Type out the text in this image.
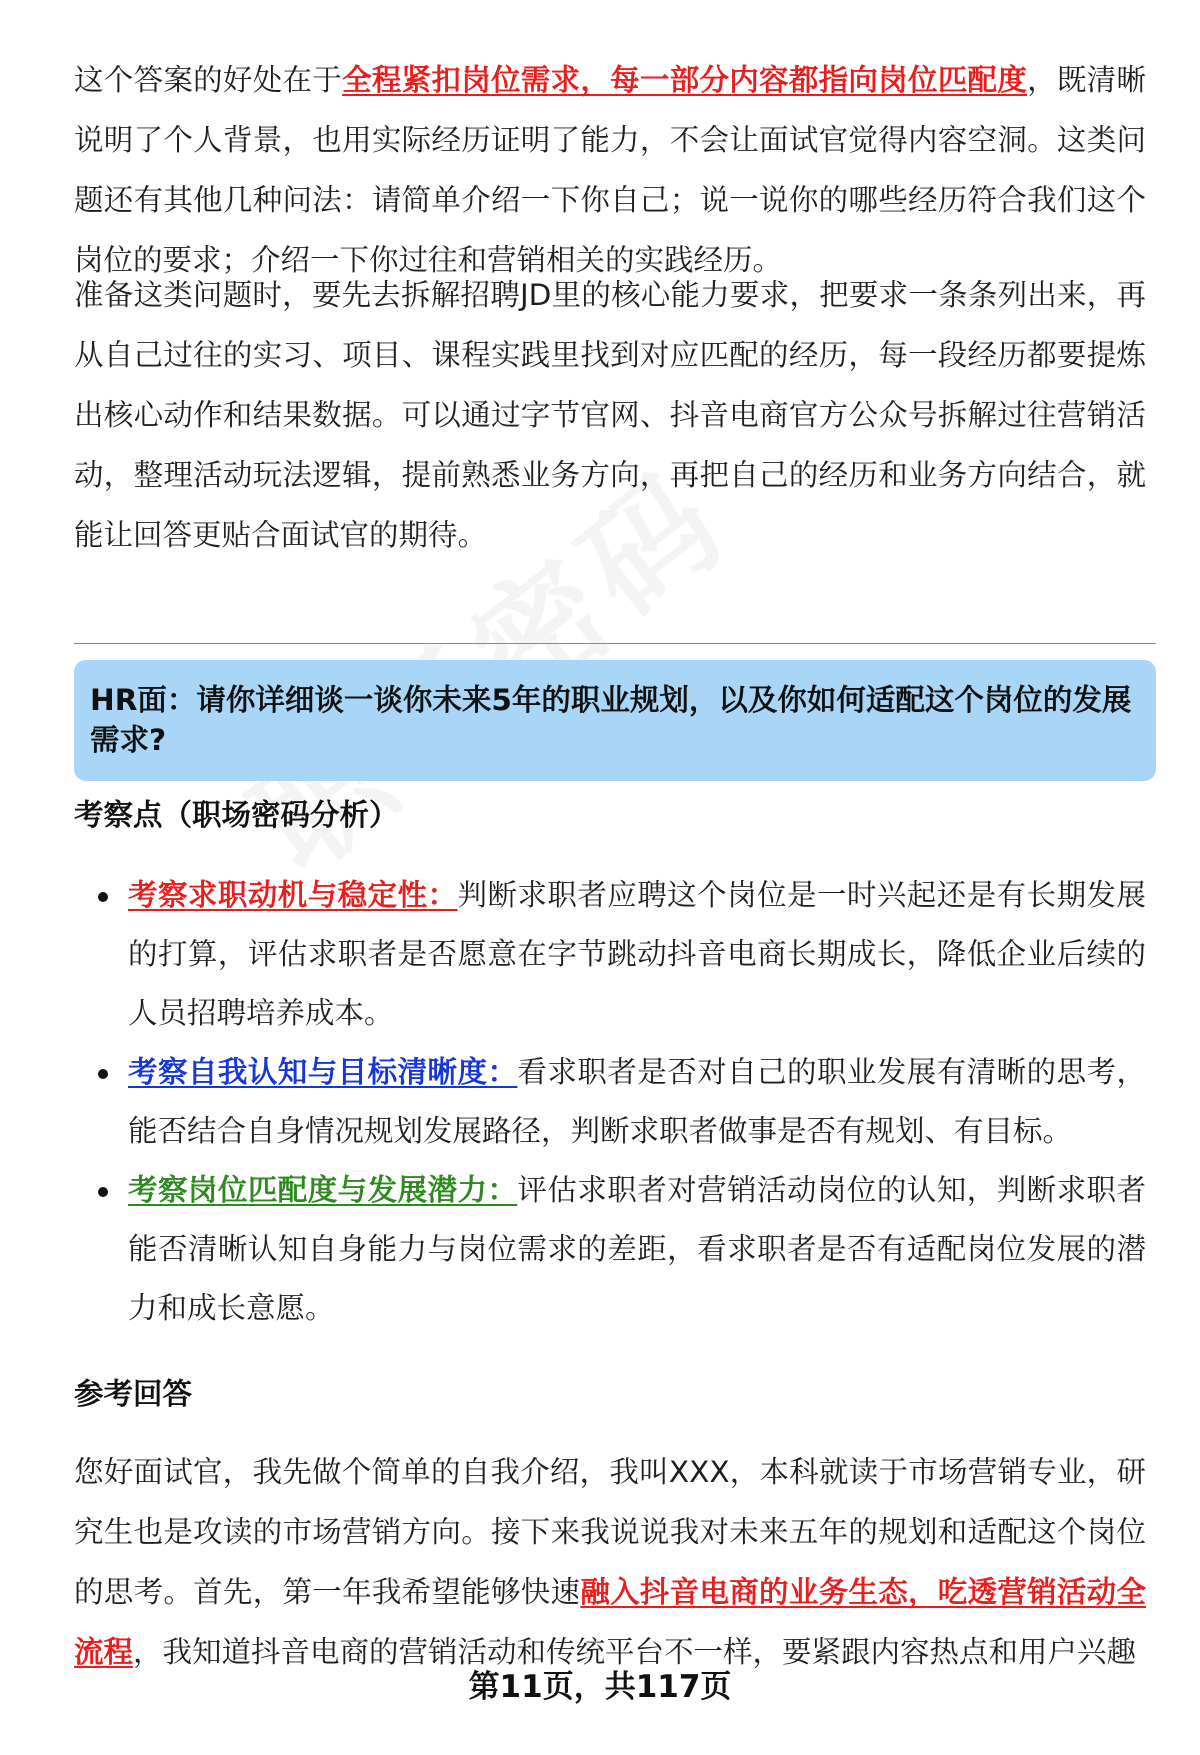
这个答案的好处在于全程紧扣岗位需求，每一部分内容都指向岗位匹配度，既清晰说明了个人背景，也用实际经历证明了能力，不会让面试官觉得内容空洞。这类问题还有其他几种问法：请简单介绍一下你自己；说一说你的哪些经历符合我们这个岗位的要求；介绍一下你过往和营销相关的实践经历。

准备这类问题时，要先去拆解招聘JD里的核心能力要求，把要求一条条列出来，再从自己过往的实习、项目、课程实践里找到对应匹配的经历，每一段经历都要提炼出核心动作和结果数据。可以通过字节官网、抖音电商官方公众号拆解过往营销活动，整理活动玩法逻辑，提前熟悉业务方向，再把自己的经历和业务方向结合，就能让回答更贴合面试官的期待。

HR面：请你详细谈一谈你未来5年的职业规划，以及你如何适配这个岗位的发展需求?

考察点（职场密码分析）

考察求职动机与稳定性：判断求职者应聘这个岗位是一时兴起还是有长期发展的打算，评估求职者是否愿意在字节跳动抖音电商长期成长，降低企业后续的人员招聘培养成本。
考察自我认知与目标清晰度：看求职者是否对自己的职业发展有清晰的思考，能否结合自身情况规划发展路径，判断求职者做事是否有规划、有目标。
考察岗位匹配度与发展潜力：评估求职者对营销活动岗位的认知，判断求职者能否清晰认知自身能力与岗位需求的差距，看求职者是否有适配岗位发展的潜力和成长意愿。

参考回答

您好面试官，我先做个简单的自我介绍，我叫XXX，本科就读于市场营销专业，研究生也是攻读的市场营销方向。接下来我说说我对未来五年的规划和适配这个岗位的思考。首先，第一年我希望能够快速融入抖音电商的业务生态，吃透营销活动全流程，我知道抖音电商的营销活动和传统平台不一样，要紧跟内容热点和用户兴趣

第11页，共117页
